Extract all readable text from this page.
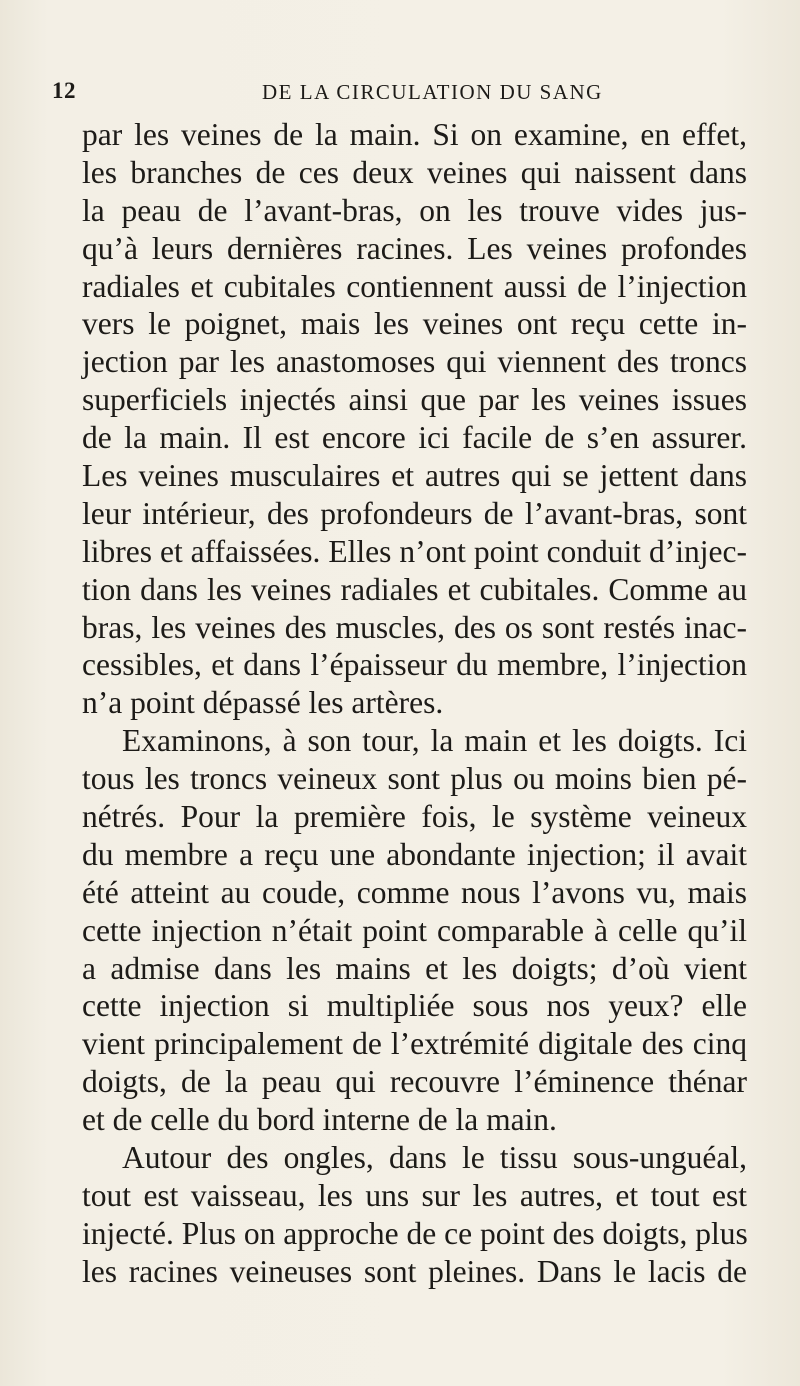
12	DE LA CIRCULATION DU SANG
par les veines de la main. Si on examine, en effet,
les branches de ces deux veines qui naissent dans
la peau de l’avant-bras, on les trouve vides jus-
qu’à leurs dernières racines. Les veines profondes
radiales et cubitales contiennent aussi de l’injection
vers le poignet, mais les veines ont reçu cette in-
jection par les anastomoses qui viennent des troncs
superficiels injectés ainsi que par les veines issues
de la main. Il est encore ici facile de s’en assurer.
Les veines musculaires et autres qui se jettent dans
leur intérieur, des profondeurs de l’avant-bras, sont
libres et affaissées. Elles n’ont point conduit d’injec-
tion dans les veines radiales et cubitales. Comme au
bras, les veines des muscles, des os sont restés inac-
cessibles, et dans l’épaisseur du membre, l’injection
n’a point dépassé les artères.
Examinons, à son tour, la main et les doigts. Ici
tous les troncs veineux sont plus ou moins bien pé-
nétrés. Pour la première fois, le système veineux
du membre a reçu une abondante injection; il avait
été atteint au coude, comme nous l’avons vu, mais
cette injection n’était point comparable à celle qu’il
a admise dans les mains et les doigts; d’où vient
cette injection si multipliée sous nos yeux? elle
vient principalement de l’extrémité digitale des cinq
doigts, de la peau qui recouvre l’éminence thénar
et de celle du bord interne de la main.
Autour des ongles, dans le tissu sous-unguéal,
tout est vaisseau, les uns sur les autres, et tout est
injecté. Plus on approche de ce point des doigts, plus
les racines veineuses sont pleines. Dans le lacis de
